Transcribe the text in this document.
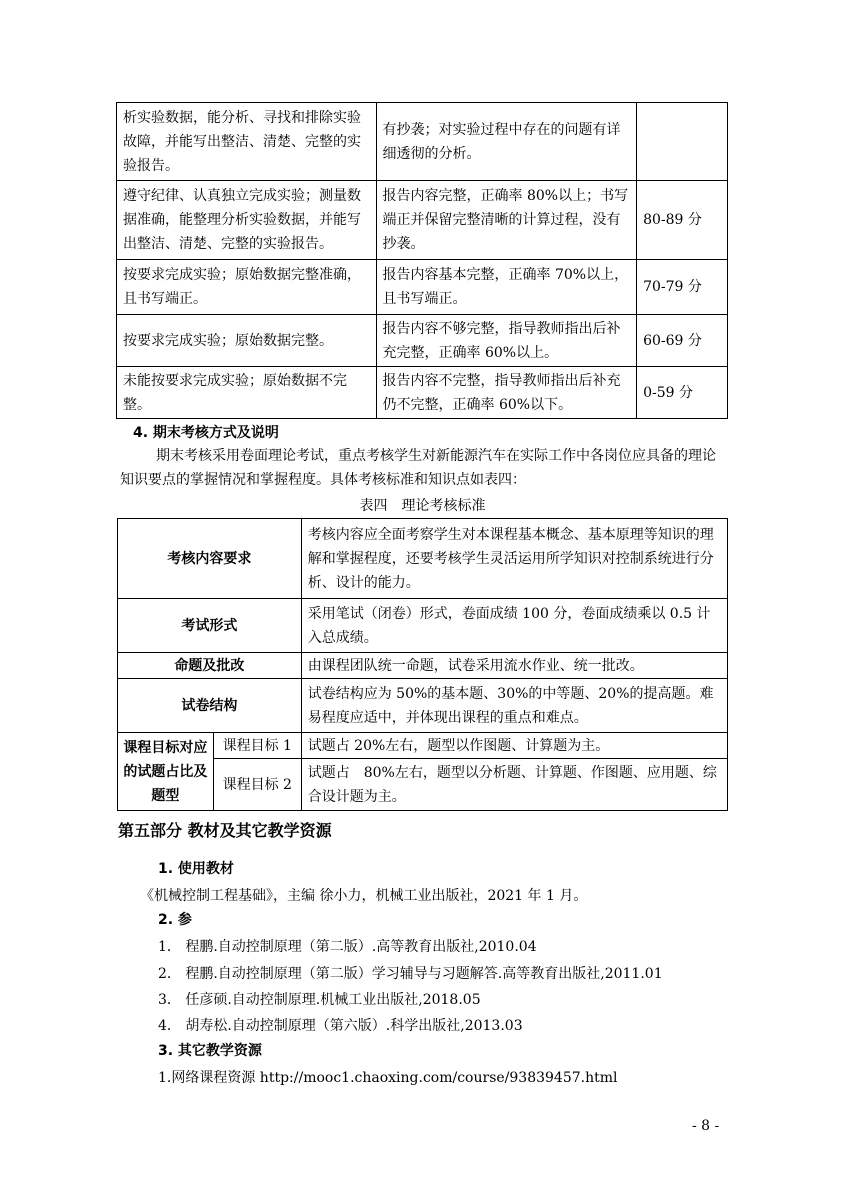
析实验数据，能分析、寻找和排除实验故障，并能写出整洁、清楚、完整的实验报告。	有抄袭；对实验过程中存在的问题有详细透彻的分析。	
遵守纪律、认真独立完成实验；测量数据准确，能整理分析实验数据，并能写出整洁、清楚、完整的实验报告。	报告内容完整，正确率 80%以上；书写端正并保留完整清晰的计算过程，没有抄袭。	80-89 分
按要求完成实验；原始数据完整准确，且书写端正。	报告内容基本完整，正确率 70%以上，且书写端正。	70-79 分
按要求完成实验；原始数据完整。	报告内容不够完整，指导教师指出后补充完整，正确率 60%以上。	60-69 分
未能按要求完成实验；原始数据不完整。	报告内容不完整，指导教师指出后补充仍不完整，正确率 60%以下。	0-59 分
4. 期末考核方式及说明
期末考核采用卷面理论考试，重点考核学生对新能源汽车在实际工作中各岗位应具备的理论知识要点的掌握情况和掌握程度。具体考核标准和知识点如表四：
表四　理论考核标准
考核内容要求		考核内容应全面考察学生对本课程基本概念、基本原理等知识的理解和掌握程度，还要考核学生灵活运用所学知识对控制系统进行分析、设计的能力。
考试形式		采用笔试（闭卷）形式，卷面成绩 100 分，卷面成绩乘以 0.5 计入总成绩。
命题及批改		由课程团队统一命题，试卷采用流水作业、统一批改。
试卷结构		试卷结构应为 50%的基本题、30%的中等题、20%的提高题。难易程度应适中，并体现出课程的重点和难点。
课程目标对应的试题占比及题型	课程目标 1	试题占 20%左右，题型以作图题、计算题为主。
	课程目标 2	试题占　80%左右，题型以分析题、计算题、作图题、应用题、综合设计题为主。
第五部分 教材及其它教学资源
1. 使用教材
《机械控制工程基础》，主编 徐小力，机械工业出版社，2021 年 1 月。
2. 参
1． 程鹏.自动控制原理（第二版）.高等教育出版社,2010.04
2． 程鹏.自动控制原理（第二版）学习辅导与习题解答.高等教育出版社,2011.01
3． 任彦硕.自动控制原理.机械工业出版社,2018.05
4． 胡寿松.自动控制原理（第六版）.科学出版社,2013.03
3. 其它教学资源
1.网络课程资源 http://mooc1.chaoxing.com/course/93839457.html
- 8 -
